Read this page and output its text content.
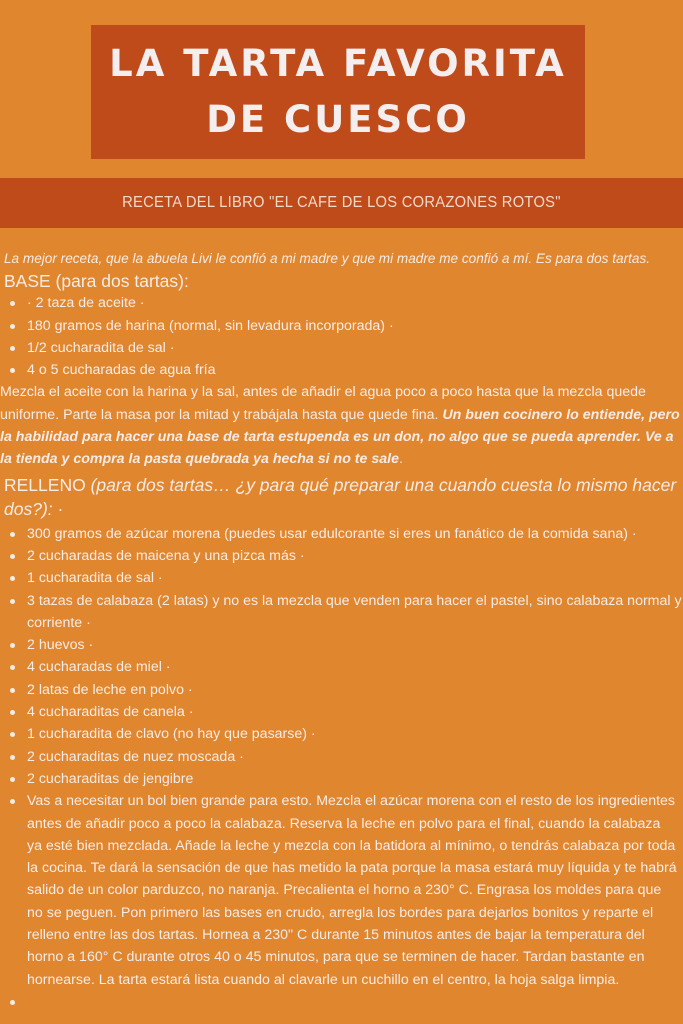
LA TARTA FAVORITA DE CUESCO
RECETA DEL LIBRO "EL CAFE DE LOS CORAZONES ROTOS"

La mejor receta, que la abuela Livi le confió a mi madre y que mi madre me confió a mí. Es para dos tartas.

BASE (para dos tartas):

· 2 taza de aceite ·
180 gramos de harina (normal, sin levadura incorporada) ·
1/2 cucharadita de sal ·
4 o 5 cucharadas de agua fría

Mezcla el aceite con la harina y la sal, antes de añadir el agua poco a poco hasta que la mezcla quede uniforme. Parte la masa por la mitad y trabájala hasta que quede fina. Un buen cocinero lo entiende, pero la habilidad para hacer una base de tarta estupenda es un don, no algo que se pueda aprender. Ve a la tienda y compra la pasta quebrada ya hecha si no te sale.

RELLENO (para dos tartas… ¿y para qué preparar una cuando cuesta lo mismo hacer dos?): ·

300 gramos de azúcar morena (puedes usar edulcorante si eres un fanático de la comida sana) ·
2 cucharadas de maicena y una pizca más ·
1 cucharadita de sal ·
3 tazas de calabaza (2 latas) y no es la mezcla que venden para hacer el pastel, sino calabaza normal y corriente ·
2 huevos ·
4 cucharadas de miel ·
2 latas de leche en polvo ·
4 cucharaditas de canela ·
1 cucharadita de clavo (no hay que pasarse) ·
2 cucharaditas de nuez moscada ·
2 cucharaditas de jengibre
Vas a necesitar un bol bien grande para esto. Mezcla el azúcar morena con el resto de los ingredientes antes de añadir poco a poco la calabaza. Reserva la leche en polvo para el final, cuando la calabaza ya esté bien mezclada. Añade la leche y mezcla con la batidora al mínimo, o tendrás calabaza por toda la cocina. Te dará la sensación de que has metido la pata porque la masa estará muy líquida y te habrá salido de un color parduzco, no naranja. Precalienta el horno a 230° C. Engrasa los moldes para que no se peguen. Pon primero las bases en crudo, arregla los bordes para dejarlos bonitos y reparte el relleno entre las dos tartas. Hornea a 230" C durante 15 minutos antes de bajar la temperatura del horno a 160° C durante otros 40 o 45 minutos, para que se terminen de hacer. Tardan bastante en hornearse. La tarta estará lista cuando al clavarle un cuchillo en el centro, la hoja salga limpia.
